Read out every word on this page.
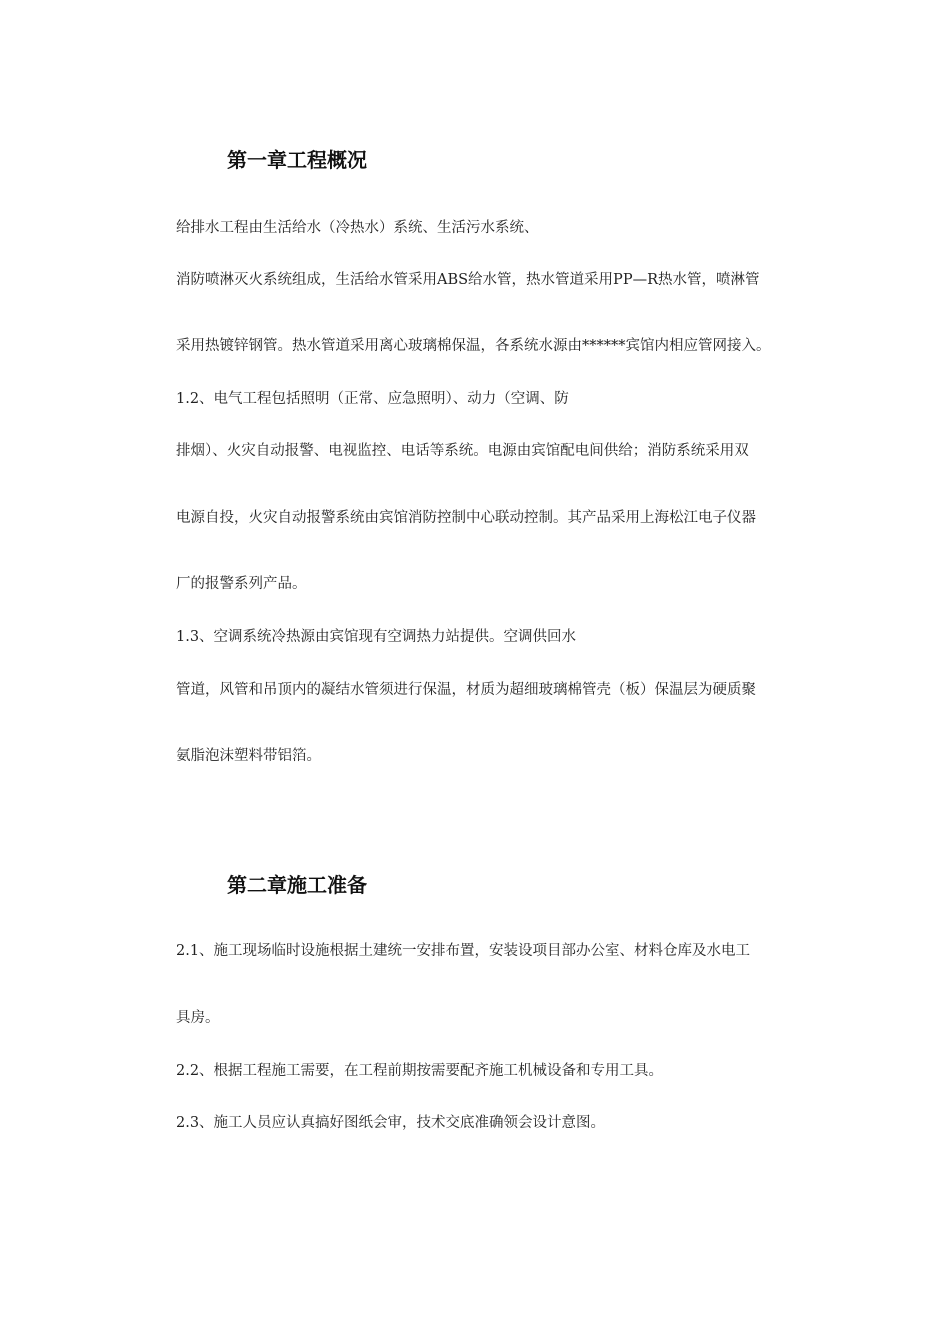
第一章工程概况
给排水工程由生活给水（冷热水）系统、生活污水系统、
消防喷淋灭火系统组成，生活给水管采用ABS给水管，热水管道采用PP—R热水管，喷淋管
采用热镀锌钢管。热水管道采用离心玻璃棉保温，各系统水源由******宾馆内相应管网接入。
1.2、电气工程包括照明（正常、应急照明）、动力（空调、防
排烟）、火灾自动报警、电视监控、电话等系统。电源由宾馆配电间供给；消防系统采用双
电源自投，火灾自动报警系统由宾馆消防控制中心联动控制。其产品采用上海松江电子仪器
厂的报警系列产品。
1.3、空调系统冷热源由宾馆现有空调热力站提供。空调供回水
管道，风管和吊顶内的凝结水管须进行保温，材质为超细玻璃棉管壳（板）保温层为硬质聚
氨脂泡沫塑料带铝箔。
第二章施工准备
2.1、施工现场临时设施根据土建统一安排布置，安装设项目部办公室、材料仓库及水电工
具房。
2.2、根据工程施工需要，在工程前期按需要配齐施工机械设备和专用工具。
2.3、施工人员应认真搞好图纸会审，技术交底准确领会设计意图。
